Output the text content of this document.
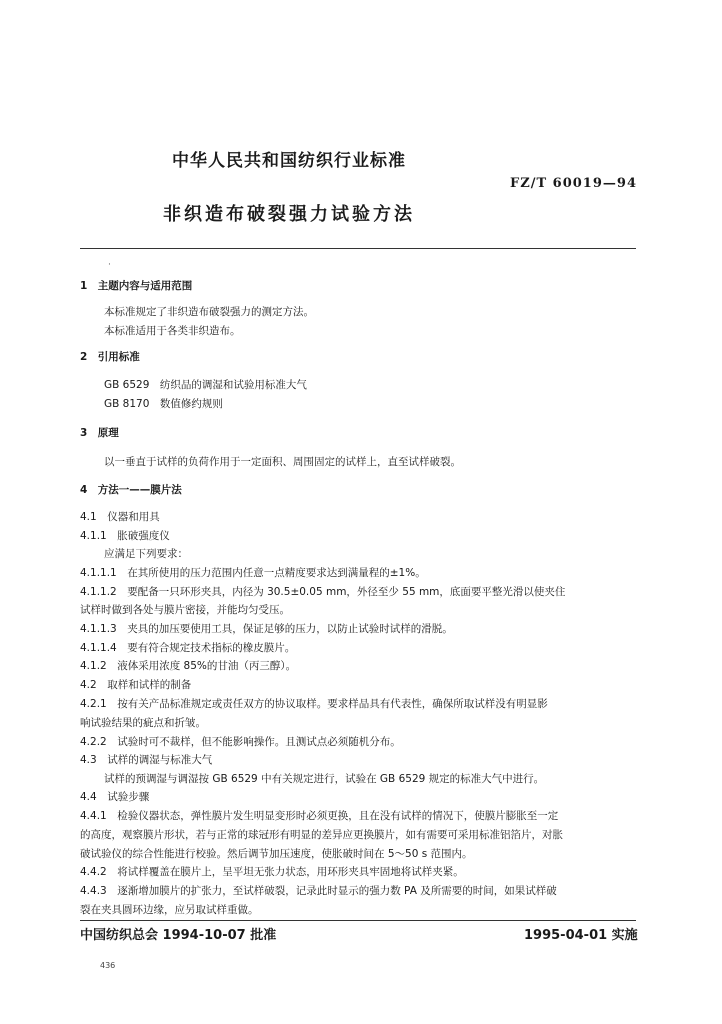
中华人民共和国纺织行业标准
FZ/T 60019—94
非织造布破裂强力试验方法
·
1　主题内容与适用范围
本标准规定了非织造布破裂强力的测定方法。
本标准适用于各类非织造布。
2　引用标准
GB 6529　纺织品的调湿和试验用标准大气
GB 8170　数值修约规则
3　原理
以一垂直于试样的负荷作用于一定面积、周围固定的试样上，直至试样破裂。
4　方法一——膜片法
4.1　仪器和用具
4.1.1　胀破强度仪
应满足下列要求：
4.1.1.1　在其所使用的压力范围内任意一点精度要求达到满量程的±1%。
4.1.1.2　要配备一只环形夹具，内径为 30.5±0.05 mm，外径至少 55 mm，底面要平整光滑以使夹住
试样时做到各处与膜片密接，并能均匀受压。
4.1.1.3　夹具的加压要使用工具，保证足够的压力，以防止试验时试样的滑脱。
4.1.1.4　要有符合规定技术指标的橡皮膜片。
4.1.2　液体采用浓度 85%的甘油（丙三醇）。
4.2　取样和试样的制备
4.2.1　按有关产品标准规定或责任双方的协议取样。要求样品具有代表性，确保所取试样没有明显影
响试验结果的疵点和折皱。
4.2.2　试验时可不裁样，但不能影响操作。且测试点必须随机分布。
4.3　试样的调湿与标准大气
试样的预调湿与调湿按 GB 6529 中有关规定进行，试验在 GB 6529 规定的标准大气中进行。
4.4　试验步骤
4.4.1　检验仪器状态，弹性膜片发生明显变形时必须更换，且在没有试样的情况下，使膜片膨胀至一定
的高度，观察膜片形状，若与正常的球冠形有明显的差异应更换膜片，如有需要可采用标准铝箔片，对胀
破试验仪的综合性能进行校验。然后调节加压速度，使胀破时间在 5～50 s 范围内。
4.4.2　将试样覆盖在膜片上，呈平坦无张力状态，用环形夹具牢固地将试样夹紧。
4.4.3　逐渐增加膜片的扩张力，至试样破裂，记录此时显示的强力数 PA 及所需要的时间，如果试样破
裂在夹具圆环边缘，应另取试样重做。
中国纺织总会 1994-10-07 批准	1995-04-01 实施
436
